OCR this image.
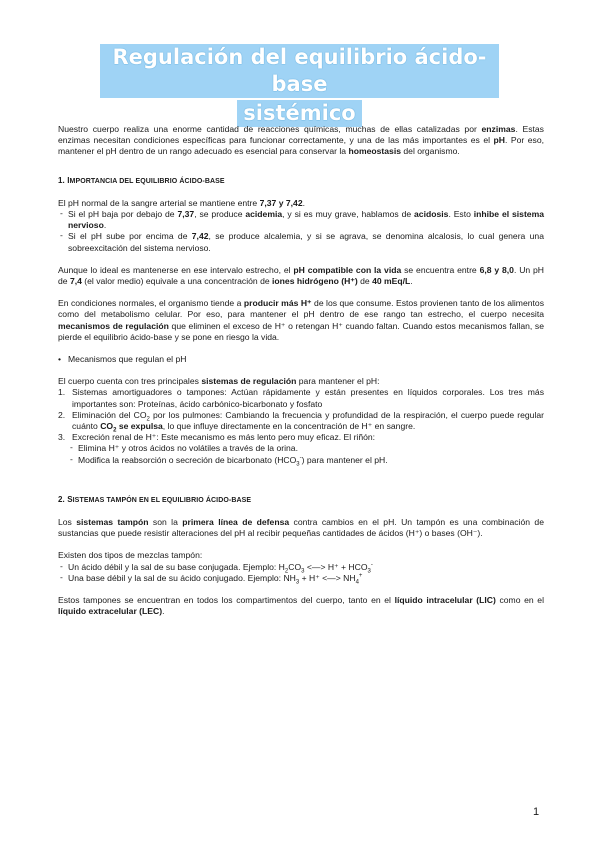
Regulación del equilibrio ácido-base
sistémico

Nuestro cuerpo realiza una enorme cantidad de reacciones químicas, muchas de ellas catalizadas por enzimas. Estas enzimas necesitan condiciones específicas para funcionar correctamente, y una de las más importantes es el pH. Por eso, mantener el pH dentro de un rango adecuado es esencial para conservar la homeostasis del organismo.

1. IMPORTANCIA DEL EQUILIBRIO ÁCIDO-BASE

El pH normal de la sangre arterial se mantiene entre 7,37 y 7,42.

- Si el pH baja por debajo de 7,37, se produce acidemia, y si es muy grave, hablamos de acidosis. Esto inhibe el sistema nervioso.
- Si el pH sube por encima de 7,42, se produce alcalemia, y si se agrava, se denomina alcalosis, lo cual genera una sobreexcitación del sistema nervioso.

Aunque lo ideal es mantenerse en ese intervalo estrecho, el pH compatible con la vida se encuentra entre 6,8 y 8,0. Un pH de 7,4 (el valor medio) equivale a una concentración de iones hidrógeno (H⁺) de 40 mEq/L.

En condiciones normales, el organismo tiende a producir más H⁺ de los que consume. Estos provienen tanto de los alimentos como del metabolismo celular. Por eso, para mantener el pH dentro de ese rango tan estrecho, el cuerpo necesita mecanismos de regulación que eliminen el exceso de H⁺ o retengan H⁺ cuando faltan. Cuando estos mecanismos fallan, se pierde el equilibrio ácido-base y se pone en riesgo la vida.

• Mecanismos que regulan el pH

El cuerpo cuenta con tres principales sistemas de regulación para mantener el pH:

1. Sistemas amortiguadores o tampones: Actúan rápidamente y están presentes en líquidos corporales. Los tres más importantes son: Proteínas, ácido carbónico-bicarbonato y fosfato
2. Eliminación del $CO_2$ por los pulmones: Cambiando la frecuencia y profundidad de la respiración, el cuerpo puede regular cuánto $CO_2$ se expulsa, lo que influye directamente en la concentración de H⁺ en sangre.
3. Excreción renal de H⁺: Este mecanismo es más lento pero muy eficaz. El riñón:
- Elimina H⁺ y otros ácidos no volátiles a través de la orina.
- Modifica la reabsorción o secreción de bicarbonato $(HCO_3^-)$ para mantener el pH.
2. SISTEMAS TAMPÓN EN EL EQUILIBRIO ÁCIDO-BASE

Los sistemas tampón son la primera línea de defensa contra cambios en el pH. Un tampón es una combinación de sustancias que puede resistir alteraciones del pH al recibir pequeñas cantidades de ácidos (H⁺) o bases (OH⁻).

Existen dos tipos de mezclas tampón:

- Un ácido débil y la sal de su base conjugada. Ejemplo: $H_2CO_3$ <—> $H^+ + HCO_3^-$
- Una base débil y la sal de su ácido conjugado. Ejemplo: $NH_3 + H^+$ <—> $NH_4^+$

Estos tampones se encuentran en todos los compartimentos del cuerpo, tanto en el líquido intracelular (LIC) como en el líquido extracelular (LEC).

1
